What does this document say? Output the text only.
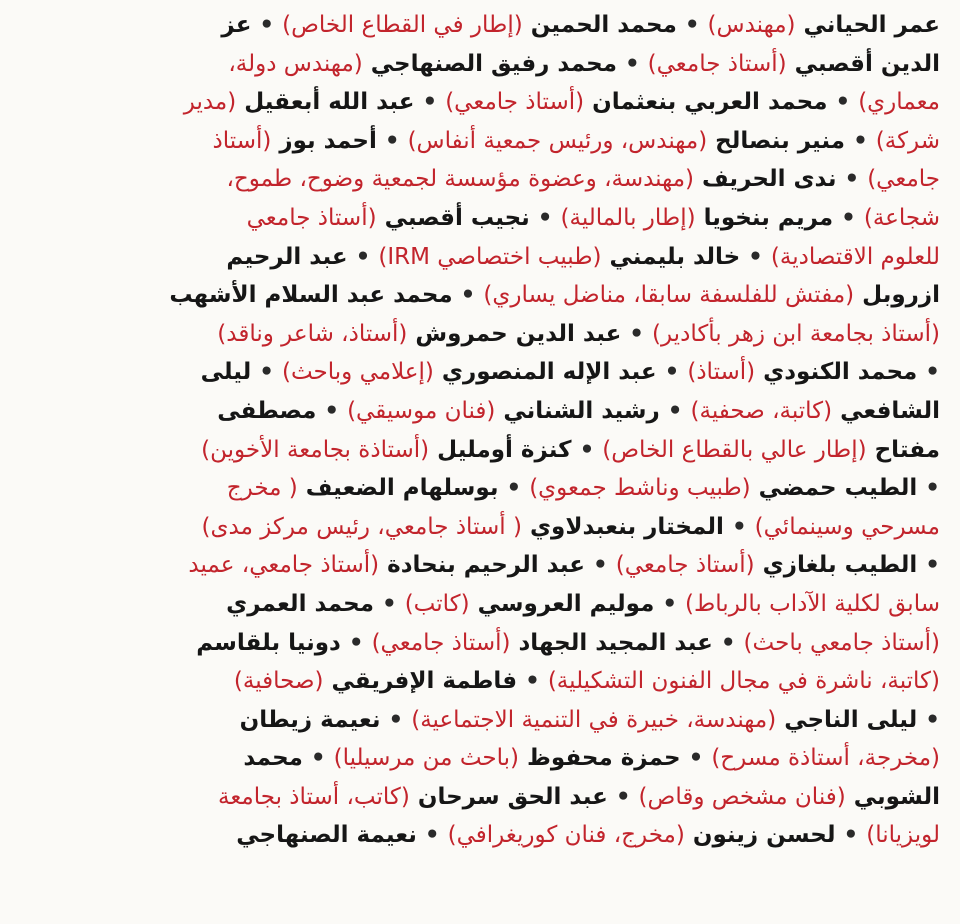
عمر الحياني (مهندس) • محمد الحمين (إطار في القطاع الخاص) • عز
الدين أقصبي (أستاذ جامعي) • محمد رفيق الصنهاجي (مهندس دولة،
معماري) • محمد العربي بنعثمان (أستاذ جامعي) • عبد الله أبعقيل (مدير
شركة) • منير بنصالح (مهندس، ورئيس جمعية أنفاس) • أحمد بوز (أستاذ
جامعي) • ندى الحريف (مهندسة، وعضوة مؤسسة لجمعية وضوح، طموح،
شجاعة) • مريم بنخويا (إطار بالمالية) • نجيب أقصبي (أستاذ جامعي
للعلوم الاقتصادية) • خالد بليمني (طبيب اختصاصي IRM) • عبد الرحيم
ازروبل (مفتش للفلسفة سابقا، مناضل يساري) • محمد عبد السلام الأشهب
(أستاذ بجامعة ابن زهر بأكادير) • عبد الدين حمروش (أستاذ، شاعر وناقد)
• محمد الكنودي (أستاذ) • عبد الإله المنصوري (إعلامي وباحث) • ليلى
الشافعي (كاتبة، صحفية) • رشيد الشناني (فنان موسيقي) • مصطفى
مفتاح (إطار عالي بالقطاع الخاص) • كنزة أومليل (أستاذة بجامعة الأخوين)
• الطيب حمضي (طبيب وناشط جمعوي) • بوسلهام الضعيف ( مخرج
مسرحي وسينمائي) • المختار بنعبدلاوي ( أستاذ جامعي، رئيس مركز مدى)
• الطيب بلغازي (أستاذ جامعي) • عبد الرحيم بنحادة (أستاذ جامعي، عميد
سابق لكلية الآداب بالرباط) • موليم العروسي (كاتب) • محمد العمري
(أستاذ جامعي باحث) • عبد المجيد الجهاد (أستاذ جامعي) • دونيا بلقاسم
(كاتبة، ناشرة في مجال الفنون التشكيلية) • فاطمة الإفريقي (صحافية)
• ليلى الناجي (مهندسة، خبيرة في التنمية الاجتماعية) • نعيمة زيطان
(مخرجة، أستاذة مسرح) • حمزة محفوظ (باحث من مرسيليا) • محمد
الشوبي (فنان مشخص وقاص) • عبد الحق سرحان (كاتب، أستاذ بجامعة
لويزيانا) • لحسن زينون (مخرج، فنان كوريغرافي) • نعيمة الصنهاجي
